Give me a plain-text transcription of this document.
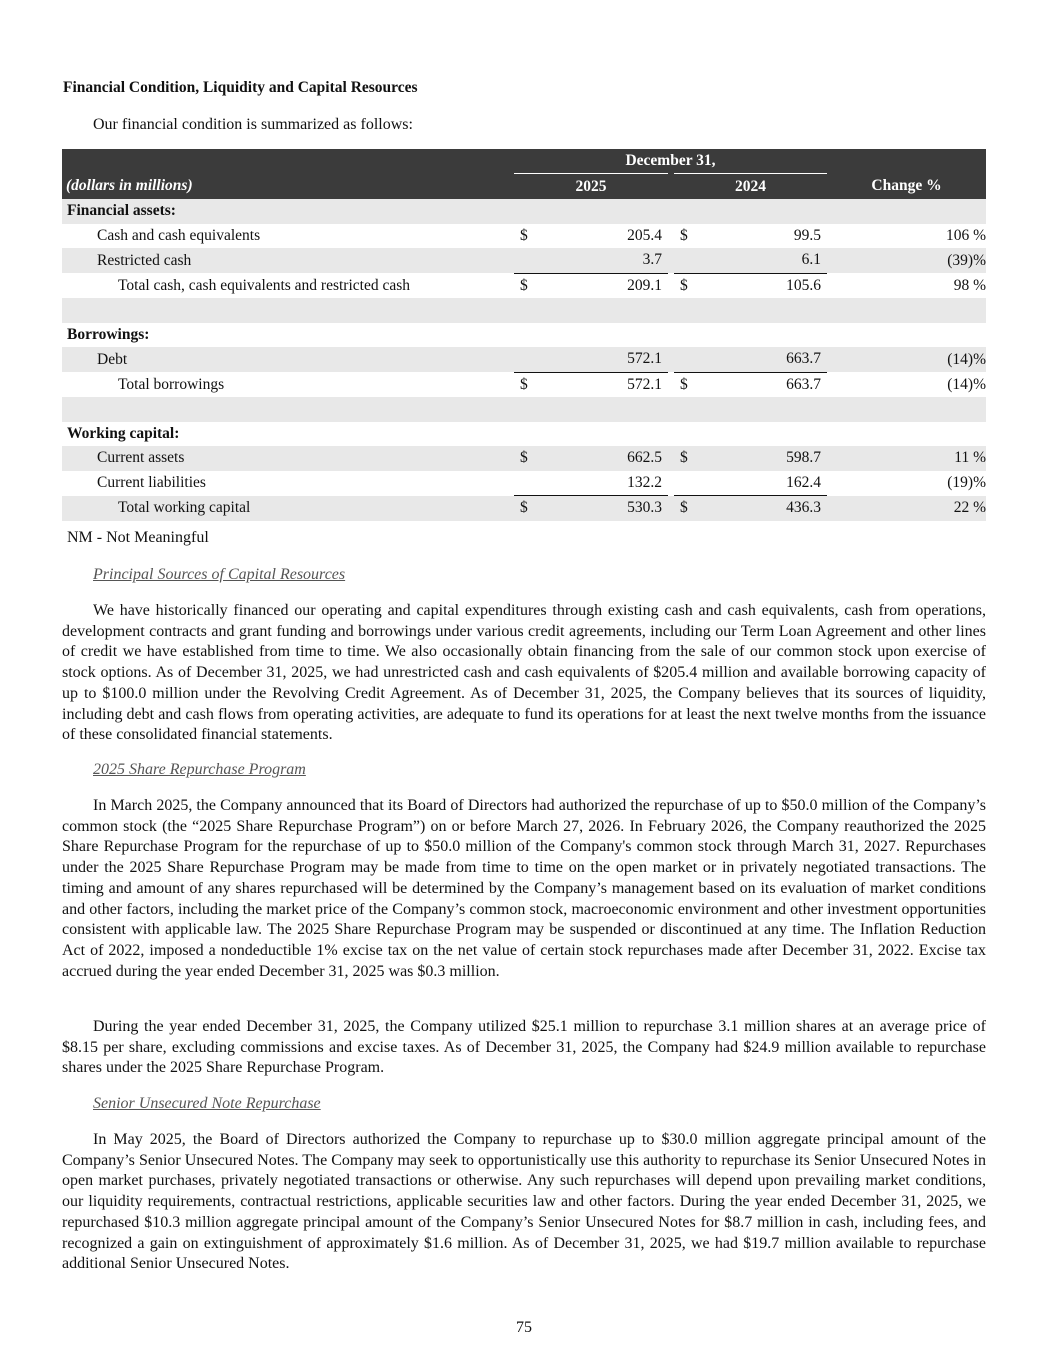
Financial Condition, Liquidity and Capital Resources
Our financial condition is summarized as follows:
	December 31,					
(dollars in millions)	2025			2024		Change %
Financial assets:						
Cash and cash equivalents	$	205.4		$	99.5	106 %
Restricted cash		3.7			6.1	(39)%
Total cash, cash equivalents and restricted cash	$	209.1		$	105.6	98 %

Borrowings:						
Debt		572.1			663.7	(14)%
Total borrowings	$	572.1		$	663.7	(14)%

Working capital:						
Current assets	$	662.5		$	598.7	11 %
Current liabilities		132.2			162.4	(19)%
Total working capital	$	530.3		$	436.3	22 %
NM - Not Meaningful
Principal Sources of Capital Resources

We have historically financed our operating and capital expenditures through existing cash and cash equivalents, cash from operations, development contracts and grant funding and borrowings under various credit agreements, including our Term Loan Agreement and other lines of credit we have established from time to time. We also occasionally obtain financing from the sale of our common stock upon exercise of stock options. As of December 31, 2025, we had unrestricted cash and cash equivalents of $205.4 million and available borrowing capacity of up to $100.0 million under the Revolving Credit Agreement. As of December 31, 2025, the Company believes that its sources of liquidity, including debt and cash flows from operating activities, are adequate to fund its operations for at least the next twelve months from the issuance of these consolidated financial statements.

2025 Share Repurchase Program

In March 2025, the Company announced that its Board of Directors had authorized the repurchase of up to $50.0 million of the Company’s common stock (the “2025 Share Repurchase Program”) on or before March 27, 2026. In February 2026, the Company reauthorized the 2025 Share Repurchase Program for the repurchase of up to $50.0 million of the Company's common stock through March 31, 2027. Repurchases under the 2025 Share Repurchase Program may be made from time to time on the open market or in privately negotiated transactions. The timing and amount of any shares repurchased will be determined by the Company’s management based on its evaluation of market conditions and other factors, including the market price of the Company’s common stock, macroeconomic environment and other investment opportunities consistent with applicable law. The 2025 Share Repurchase Program may be suspended or discontinued at any time. The Inflation Reduction Act of 2022, imposed a nondeductible 1% excise tax on the net value of certain stock repurchases made after December 31, 2022. Excise tax accrued during the year ended December 31, 2025 was $0.3 million.

During the year ended December 31, 2025, the Company utilized $25.1 million to repurchase 3.1 million shares at an average price of $8.15 per share, excluding commissions and excise taxes. As of December 31, 2025, the Company had $24.9 million available to repurchase shares under the 2025 Share Repurchase Program.

Senior Unsecured Note Repurchase

In May 2025, the Board of Directors authorized the Company to repurchase up to $30.0 million aggregate principal amount of the Company’s Senior Unsecured Notes. The Company may seek to opportunistically use this authority to repurchase its Senior Unsecured Notes in open market purchases, privately negotiated transactions or otherwise. Any such repurchases will depend upon prevailing market conditions, our liquidity requirements, contractual restrictions, applicable securities law and other factors. During the year ended December 31, 2025, we repurchased $10.3 million aggregate principal amount of the Company’s Senior Unsecured Notes for $8.7 million in cash, including fees, and recognized a gain on extinguishment of approximately $1.6 million. As of December 31, 2025, we had $19.7 million available to repurchase additional Senior Unsecured Notes.

75
